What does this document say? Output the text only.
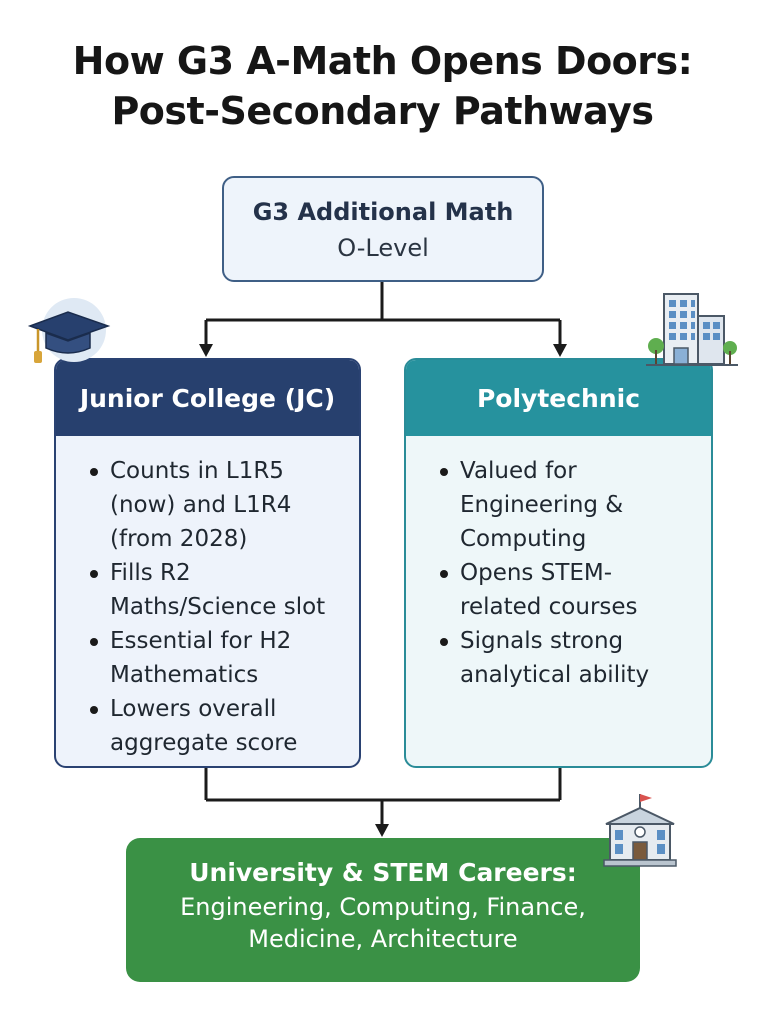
How G3 A-Math Opens Doors:
Post-Secondary Pathways
G3 Additional Math
O-Level
Junior College (JC)
Counts in L1R5
(now) and L1R4
(from 2028)
Fills R2
Maths/Science slot
Essential for H2
Mathematics
Lowers overall
aggregate score
Polytechnic
Valued for
Engineering &
Computing
Opens STEM-
related courses
Signals strong
analytical ability
University & STEM Careers:
Engineering, Computing, Finance,
Medicine, Architecture
